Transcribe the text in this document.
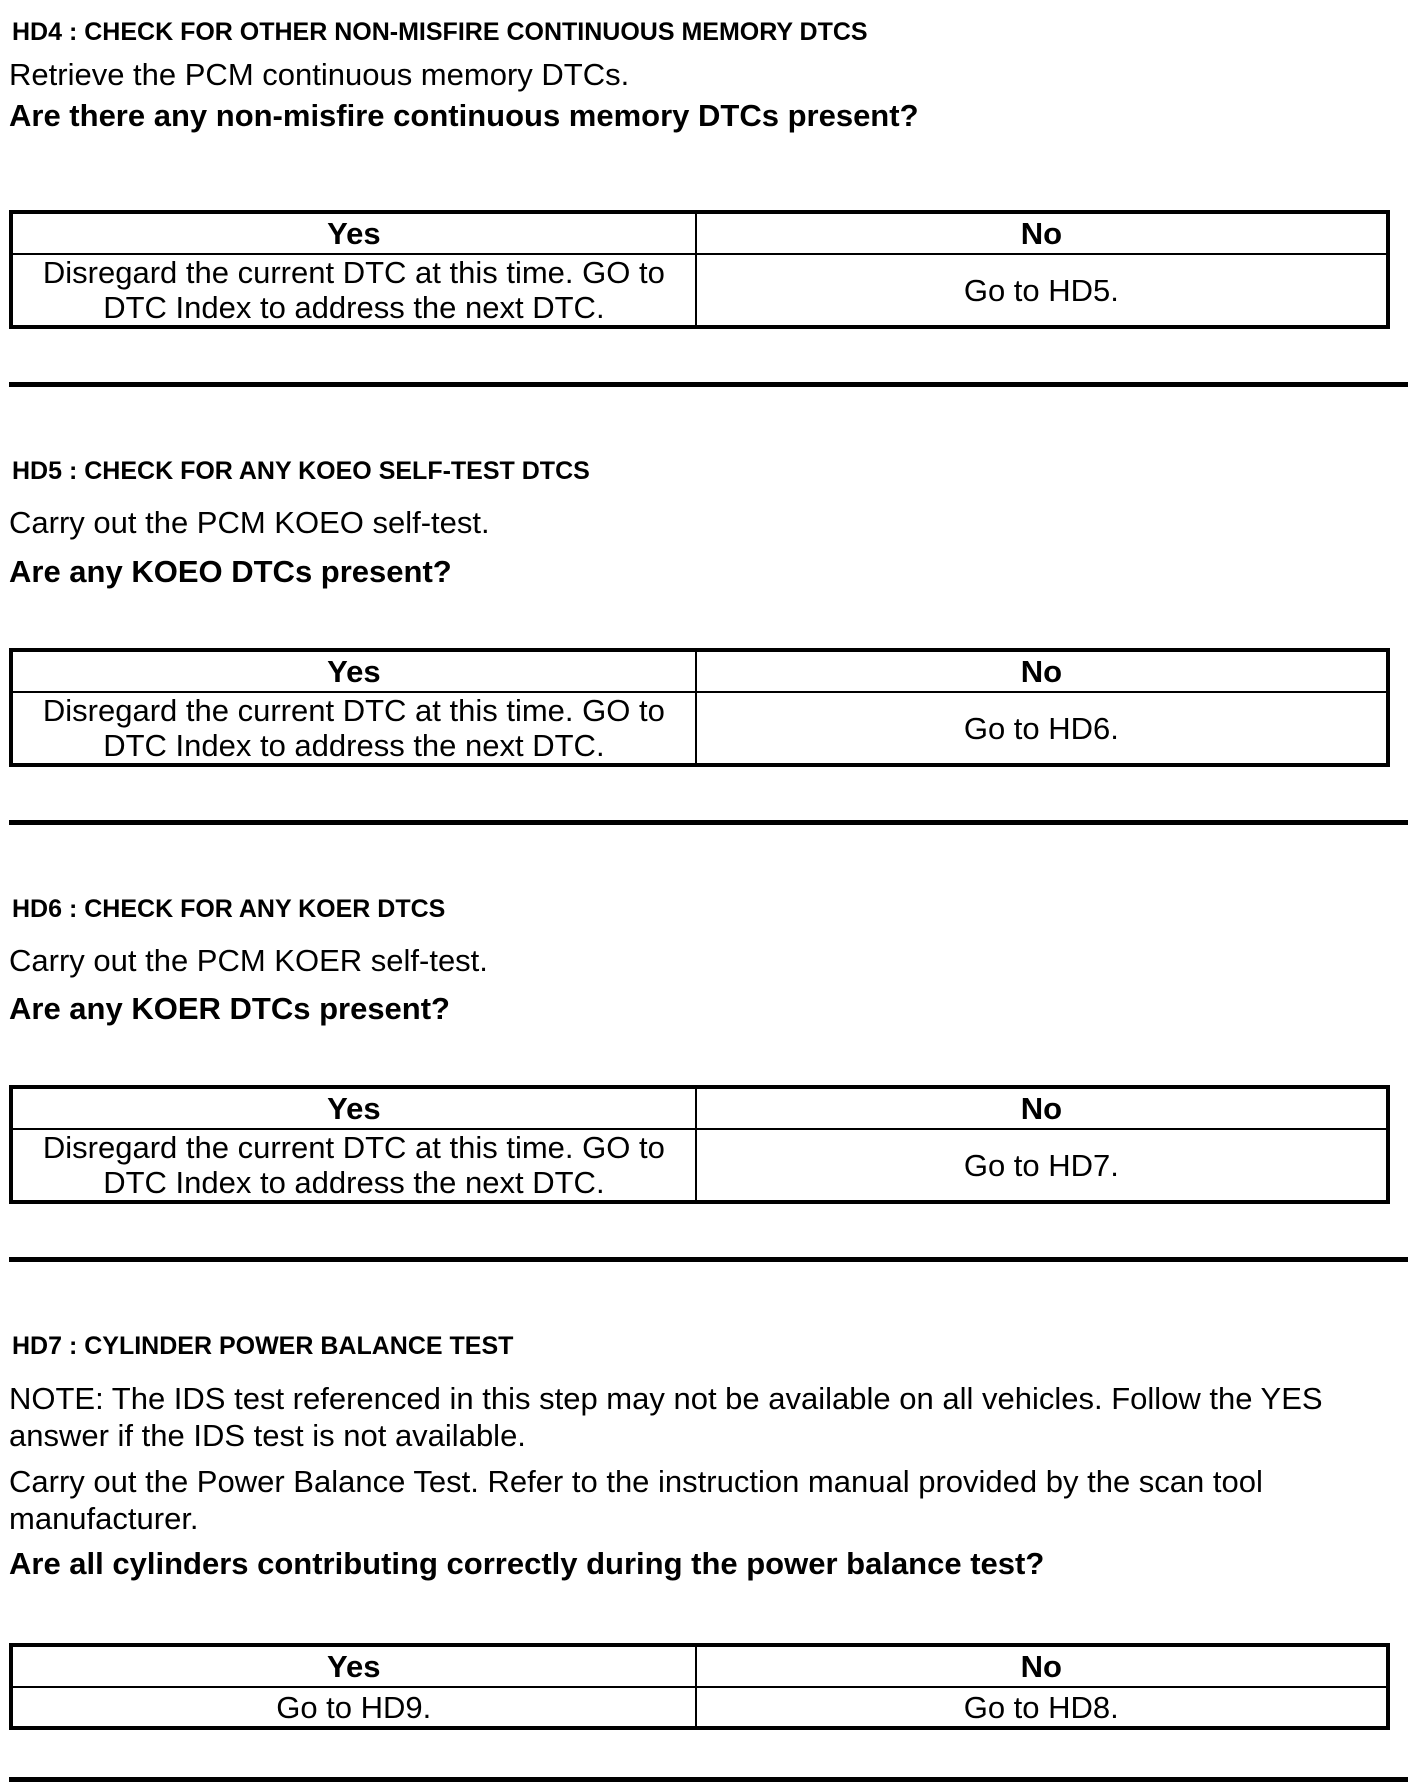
HD4 : CHECK FOR OTHER NON-MISFIRE CONTINUOUS MEMORY DTCS
Retrieve the PCM continuous memory DTCs.
Are there any non-misfire continuous memory DTCs present?
Yes	No

Disregard the current DTC at this time. GO to
DTC Index to address the next DTC.	Go to HD5.
HD5 : CHECK FOR ANY KOEO SELF-TEST DTCS
Carry out the PCM KOEO self-test.
Are any KOEO DTCs present?
Yes	No

Disregard the current DTC at this time. GO to
DTC Index to address the next DTC.	Go to HD6.
HD6 : CHECK FOR ANY KOER DTCS
Carry out the PCM KOER self-test.
Are any KOER DTCs present?
Yes	No

Disregard the current DTC at this time. GO to
DTC Index to address the next DTC.	Go to HD7.
HD7 : CYLINDER POWER BALANCE TEST
NOTE: The IDS test referenced in this step may not be available on all vehicles. Follow the YES answer if the IDS test is not available.
Carry out the Power Balance Test. Refer to the instruction manual provided by the scan tool manufacturer.
Are all cylinders contributing correctly during the power balance test?
Yes	No
Go to HD9.	Go to HD8.
